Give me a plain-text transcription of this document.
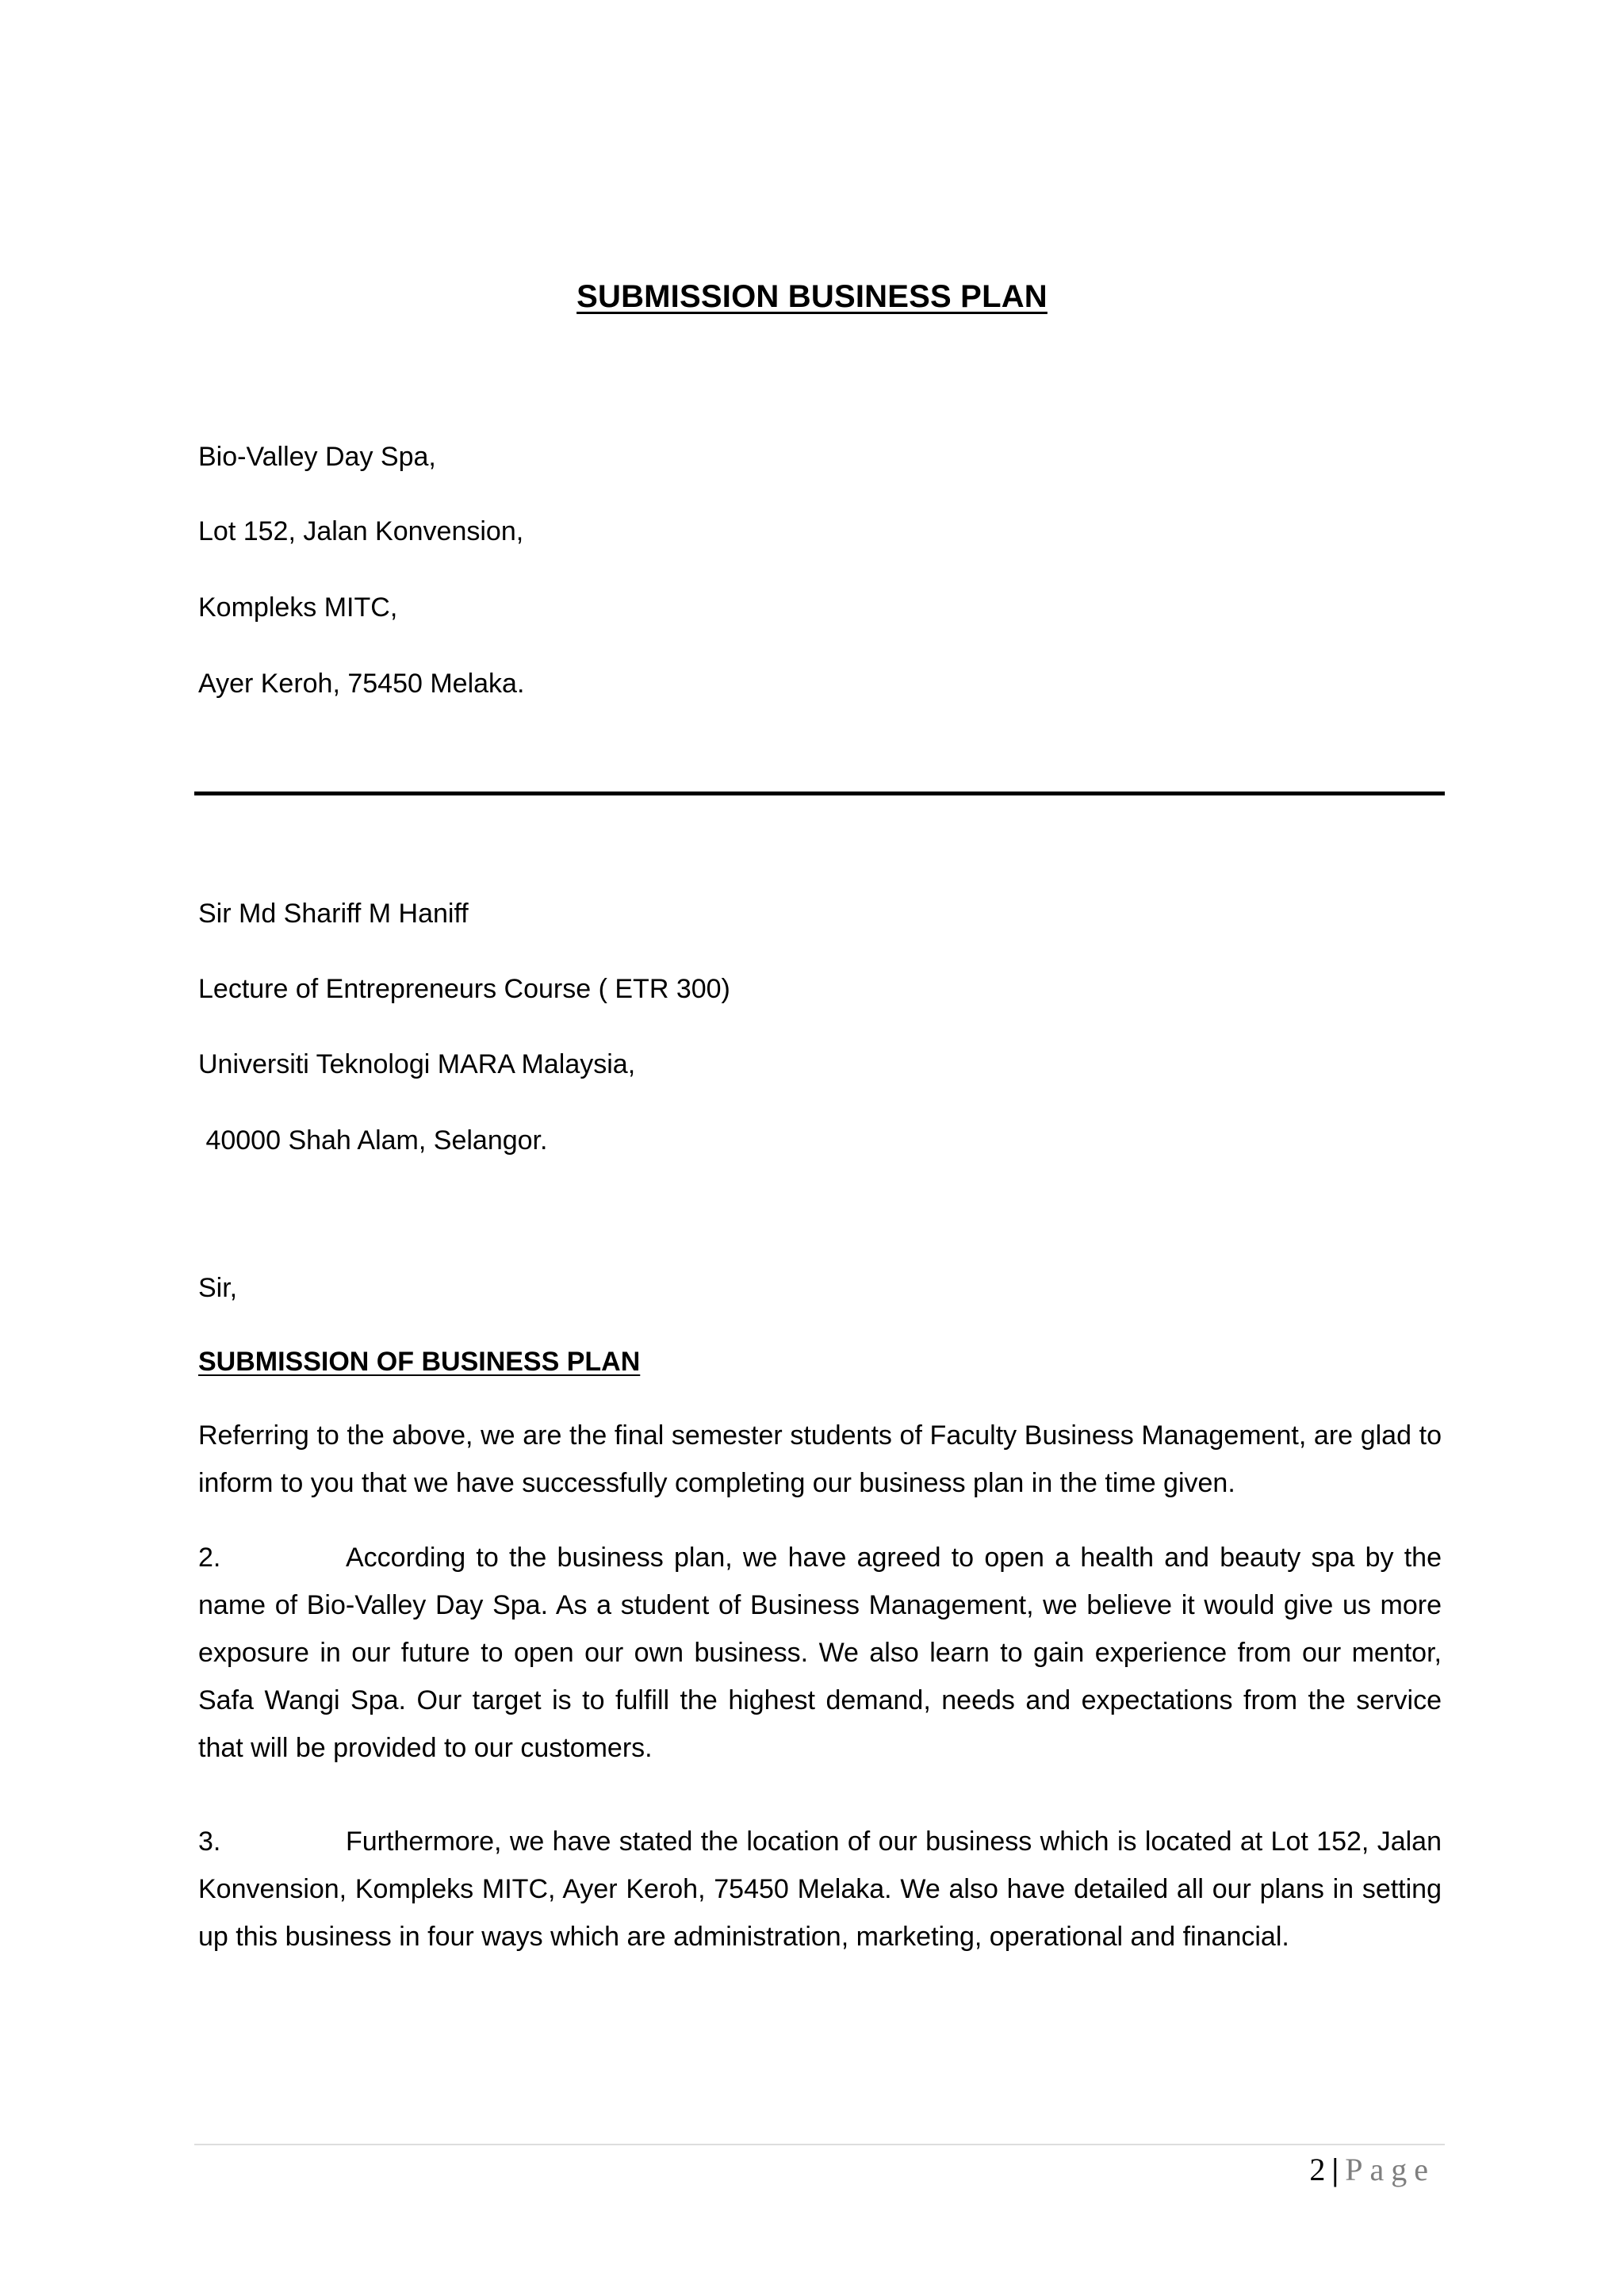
SUBMISSION BUSINESS PLAN
Bio-Valley Day Spa,
Lot 152, Jalan Konvension,
Kompleks MITC,
Ayer Keroh, 75450 Melaka.
Sir Md Shariff M Haniff
Lecture of Entrepreneurs Course ( ETR 300)
Universiti Teknologi MARA Malaysia,
40000 Shah Alam, Selangor.
Sir,
SUBMISSION OF BUSINESS PLAN
Referring to the above, we are the final semester students of Faculty Business Management, are glad to inform to you that we have successfully completing our business plan in the time given.
2.	According to the business plan, we have agreed to open a health and beauty spa by the name of Bio-Valley Day Spa. As a student of Business Management, we believe it would give us more exposure in our future to open our own business. We also learn to gain experience from our mentor, Safa Wangi Spa. Our target is to fulfill the highest demand, needs and expectations from the service that will be provided to our customers.
3.	Furthermore, we have stated the location of our business which is located at Lot 152, Jalan Konvension, Kompleks MITC, Ayer Keroh, 75450 Melaka. We also have detailed all our plans in setting up this business in four ways which are administration, marketing, operational and financial.
2 | Page
